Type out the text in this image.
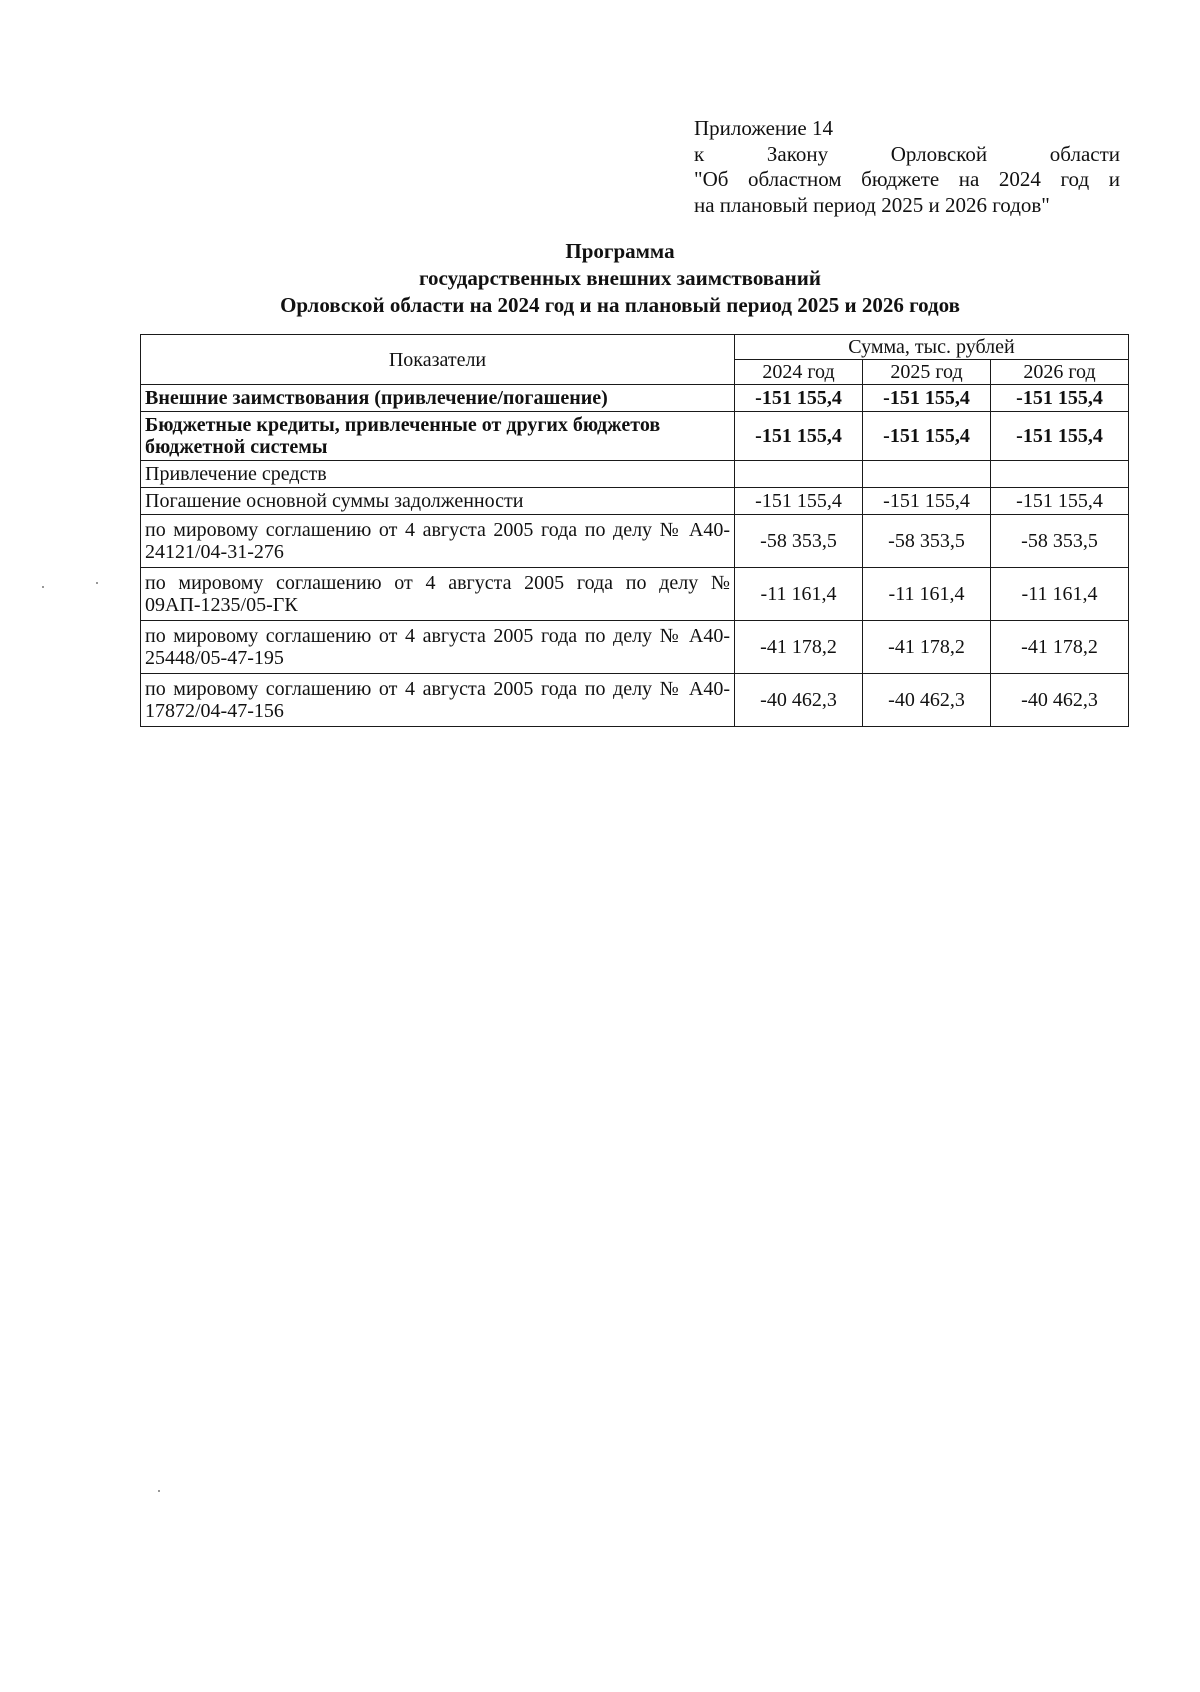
Приложение 14
к	Закону	Орловской	области
"Об областном бюджете на 2024 год и
на плановый период 2025 и 2026 годов"
Программа
государственных внешних заимствований
Орловской области на 2024 год и на плановый период 2025 и 2026 годов
Показатели	Сумма, тыс. рублей		
	2024 год	2025 год	2026 год
Внешние заимствования (привлечение/погашение)	-151 155,4	-151 155,4	-151 155,4
Бюджетные кредиты, привлеченные от других бюджетов бюджетной системы	-151 155,4	-151 155,4	-151 155,4
Привлечение средств			
Погашение основной суммы задолженности	-151 155,4	-151 155,4	-151 155,4
по мировому соглашению от 4 августа 2005 года по делу № А40-24121/04-31-276	-58 353,5	-58 353,5	-58 353,5
по мировому соглашению от 4 августа 2005 года по делу № 09АП-1235/05-ГК	-11 161,4	-11 161,4	-11 161,4
по мировому соглашению от 4 августа 2005 года по делу № А40-25448/05-47-195	-41 178,2	-41 178,2	-41 178,2
по мировому соглашению от 4 августа 2005 года по делу № А40-17872/04-47-156	-40 462,3	-40 462,3	-40 462,3
